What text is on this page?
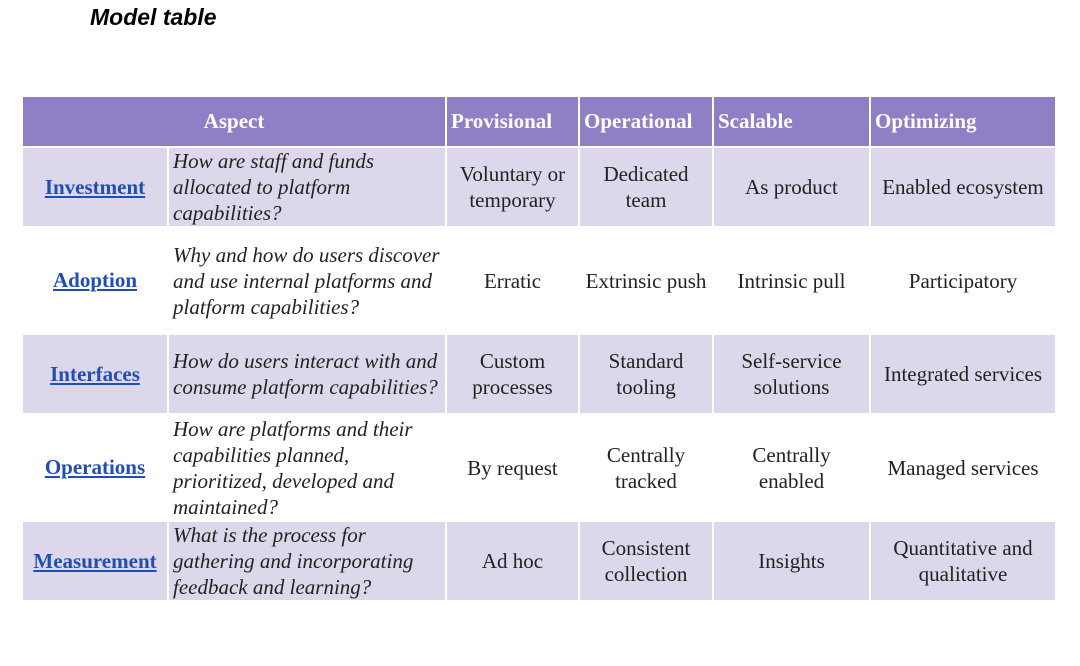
Model table
Aspect		Provisional	Operational	Scalable	Optimizing
Investment	How are staff and funds allocated to platform capabilities?	Voluntary or temporary	Dedicated team	As product	Enabled ecosystem
Adoption	Why and how do users discover and use internal platforms and platform capabilities?	Erratic	Extrinsic push	Intrinsic pull	Participatory
Interfaces	How do users interact with and consume platform capabilities?	Custom processes	Standard tooling	Self-service solutions	Integrated services
Operations	How are platforms and their capabilities planned, prioritized, developed and maintained?	By request	Centrally tracked	Centrally enabled	Managed services
Measurement	What is the process for gathering and incorporating feedback and learning?	Ad hoc	Consistent collection	Insights	Quantitative and qualitative
